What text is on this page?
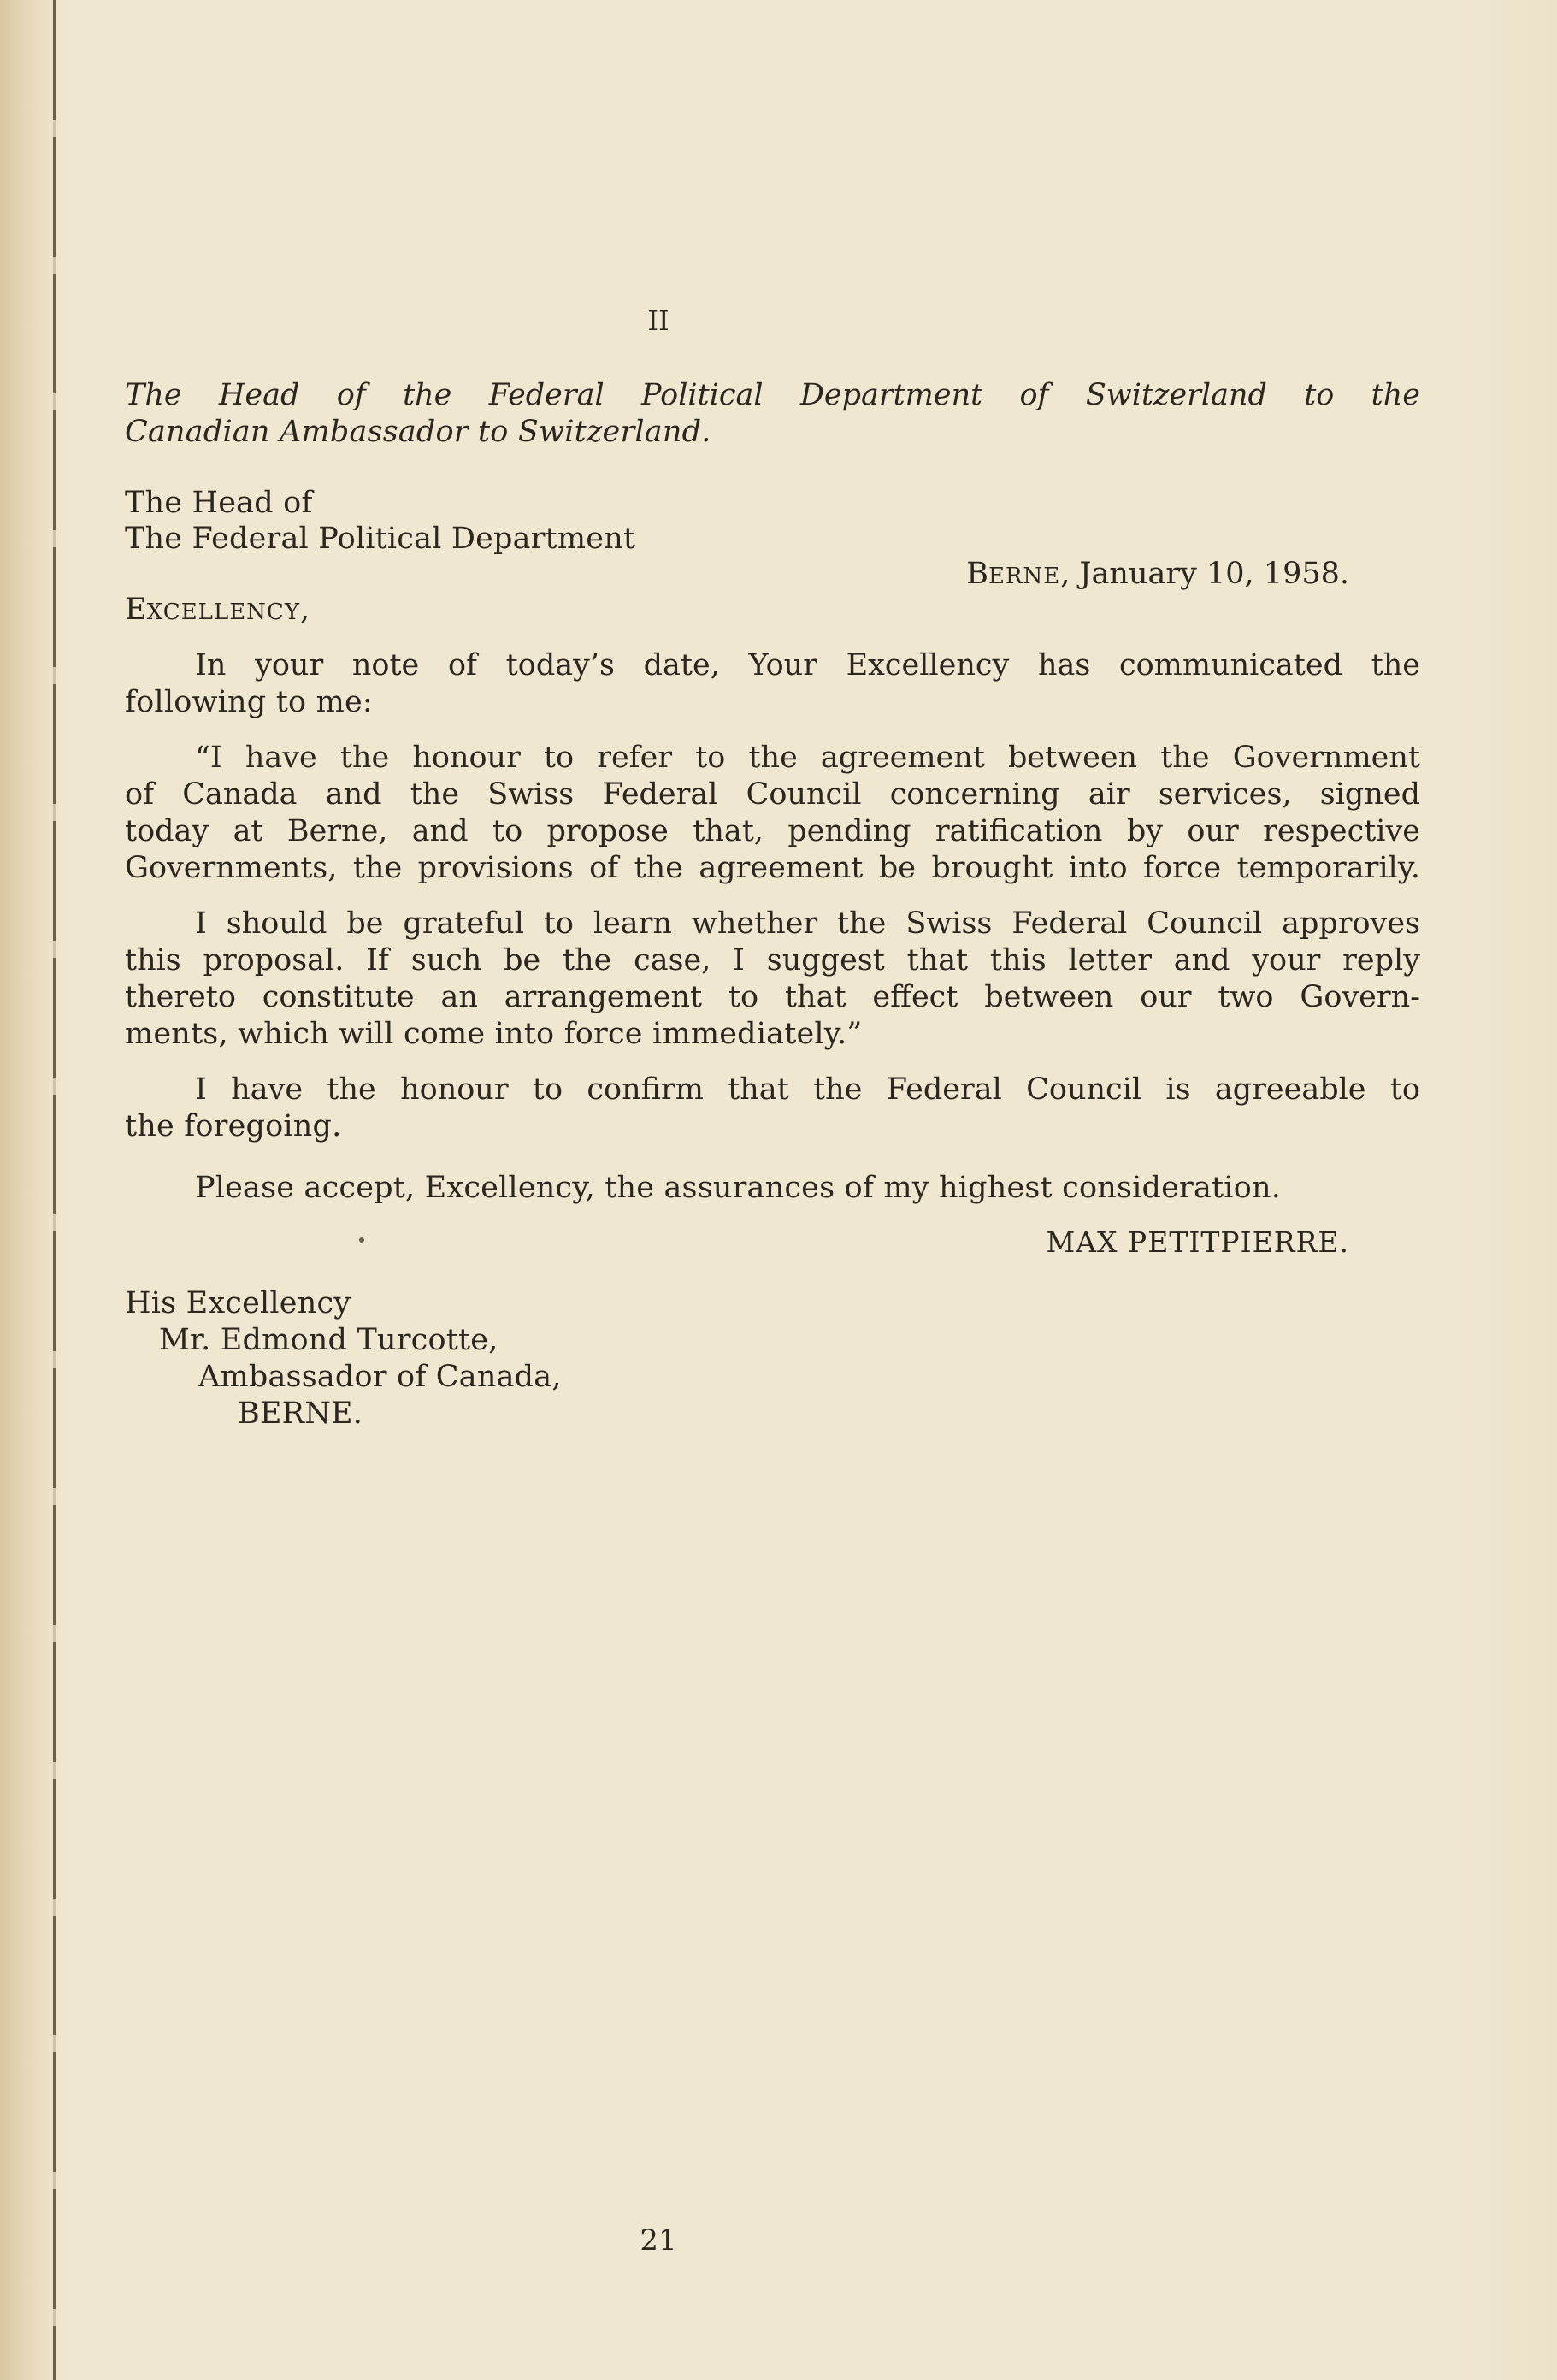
II
The Head of the Federal Political Department of Switzerland to the
Canadian Ambassador to Switzerland.
The Head of
The Federal Political Department
EXCELLENCY,
In your note of today’s date, Your Excellency has communicated the
following to me:
“I have the honour to refer to the agreement between the Government
of Canada and the Swiss Federal Council concerning air services, signed
today at Berne, and to propose that, pending ratification by our respective
Governments, the provisions of the agreement be brought into force temporarily.
I should be grateful to learn whether the Swiss Federal Council approves
this proposal. If such be the case, I suggest that this letter and your reply
thereto constitute an arrangement to that effect between our two Govern-
ments, which will come into force immediately.”
I have the honour to confirm that the Federal Council is agreeable to
the foregoing.
Please accept, Excellency, the assurances of my highest consideration.
His Excellency
Mr. Edmond Turcotte,
Ambassador of Canada,
BERNE.
BERNE, January 10, 1958.
MAX PETITPIERRE.
21
